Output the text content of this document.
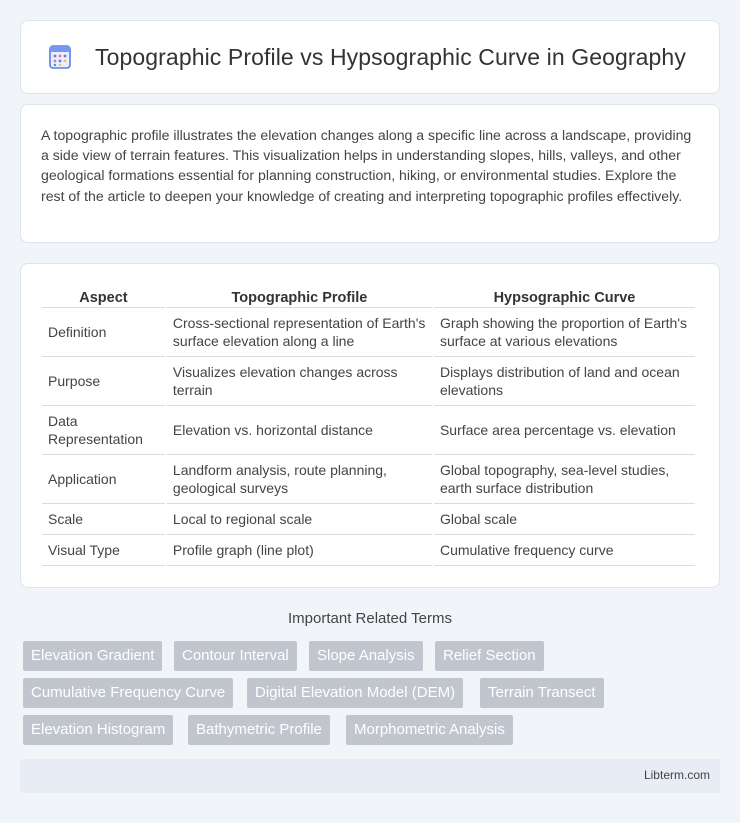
Topographic Profile vs Hypsographic Curve in Geography

A topographic profile illustrates the elevation changes along a specific line across a landscape, providing a side view of terrain features. This visualization helps in understanding slopes, hills, valleys, and other geological formations essential for planning construction, hiking, or environmental studies. Explore the rest of the article to deepen your knowledge of creating and interpreting topographic profiles effectively.

Aspect	Topographic Profile	Hypsographic Curve
Definition	Cross-sectional representation of Earth's surface elevation along a line	Graph showing the proportion of Earth's surface at various elevations
Purpose	Visualizes elevation changes across terrain	Displays distribution of land and ocean elevations
Data Representation	Elevation vs. horizontal distance	Surface area percentage vs. elevation
Application	Landform analysis, route planning, geological surveys	Global topography, sea-level studies, earth surface distribution
Scale	Local to regional scale	Global scale
Visual Type	Profile graph (line plot)	Cumulative frequency curve
Important Related Terms
Elevation Gradient	Contour Interval	Slope Analysis	Relief Section
Cumulative Frequency Curve	Digital Elevation Model (DEM)	Terrain Transect
Elevation Histogram	Bathymetric Profile	Morphometric Analysis
Libterm.com
